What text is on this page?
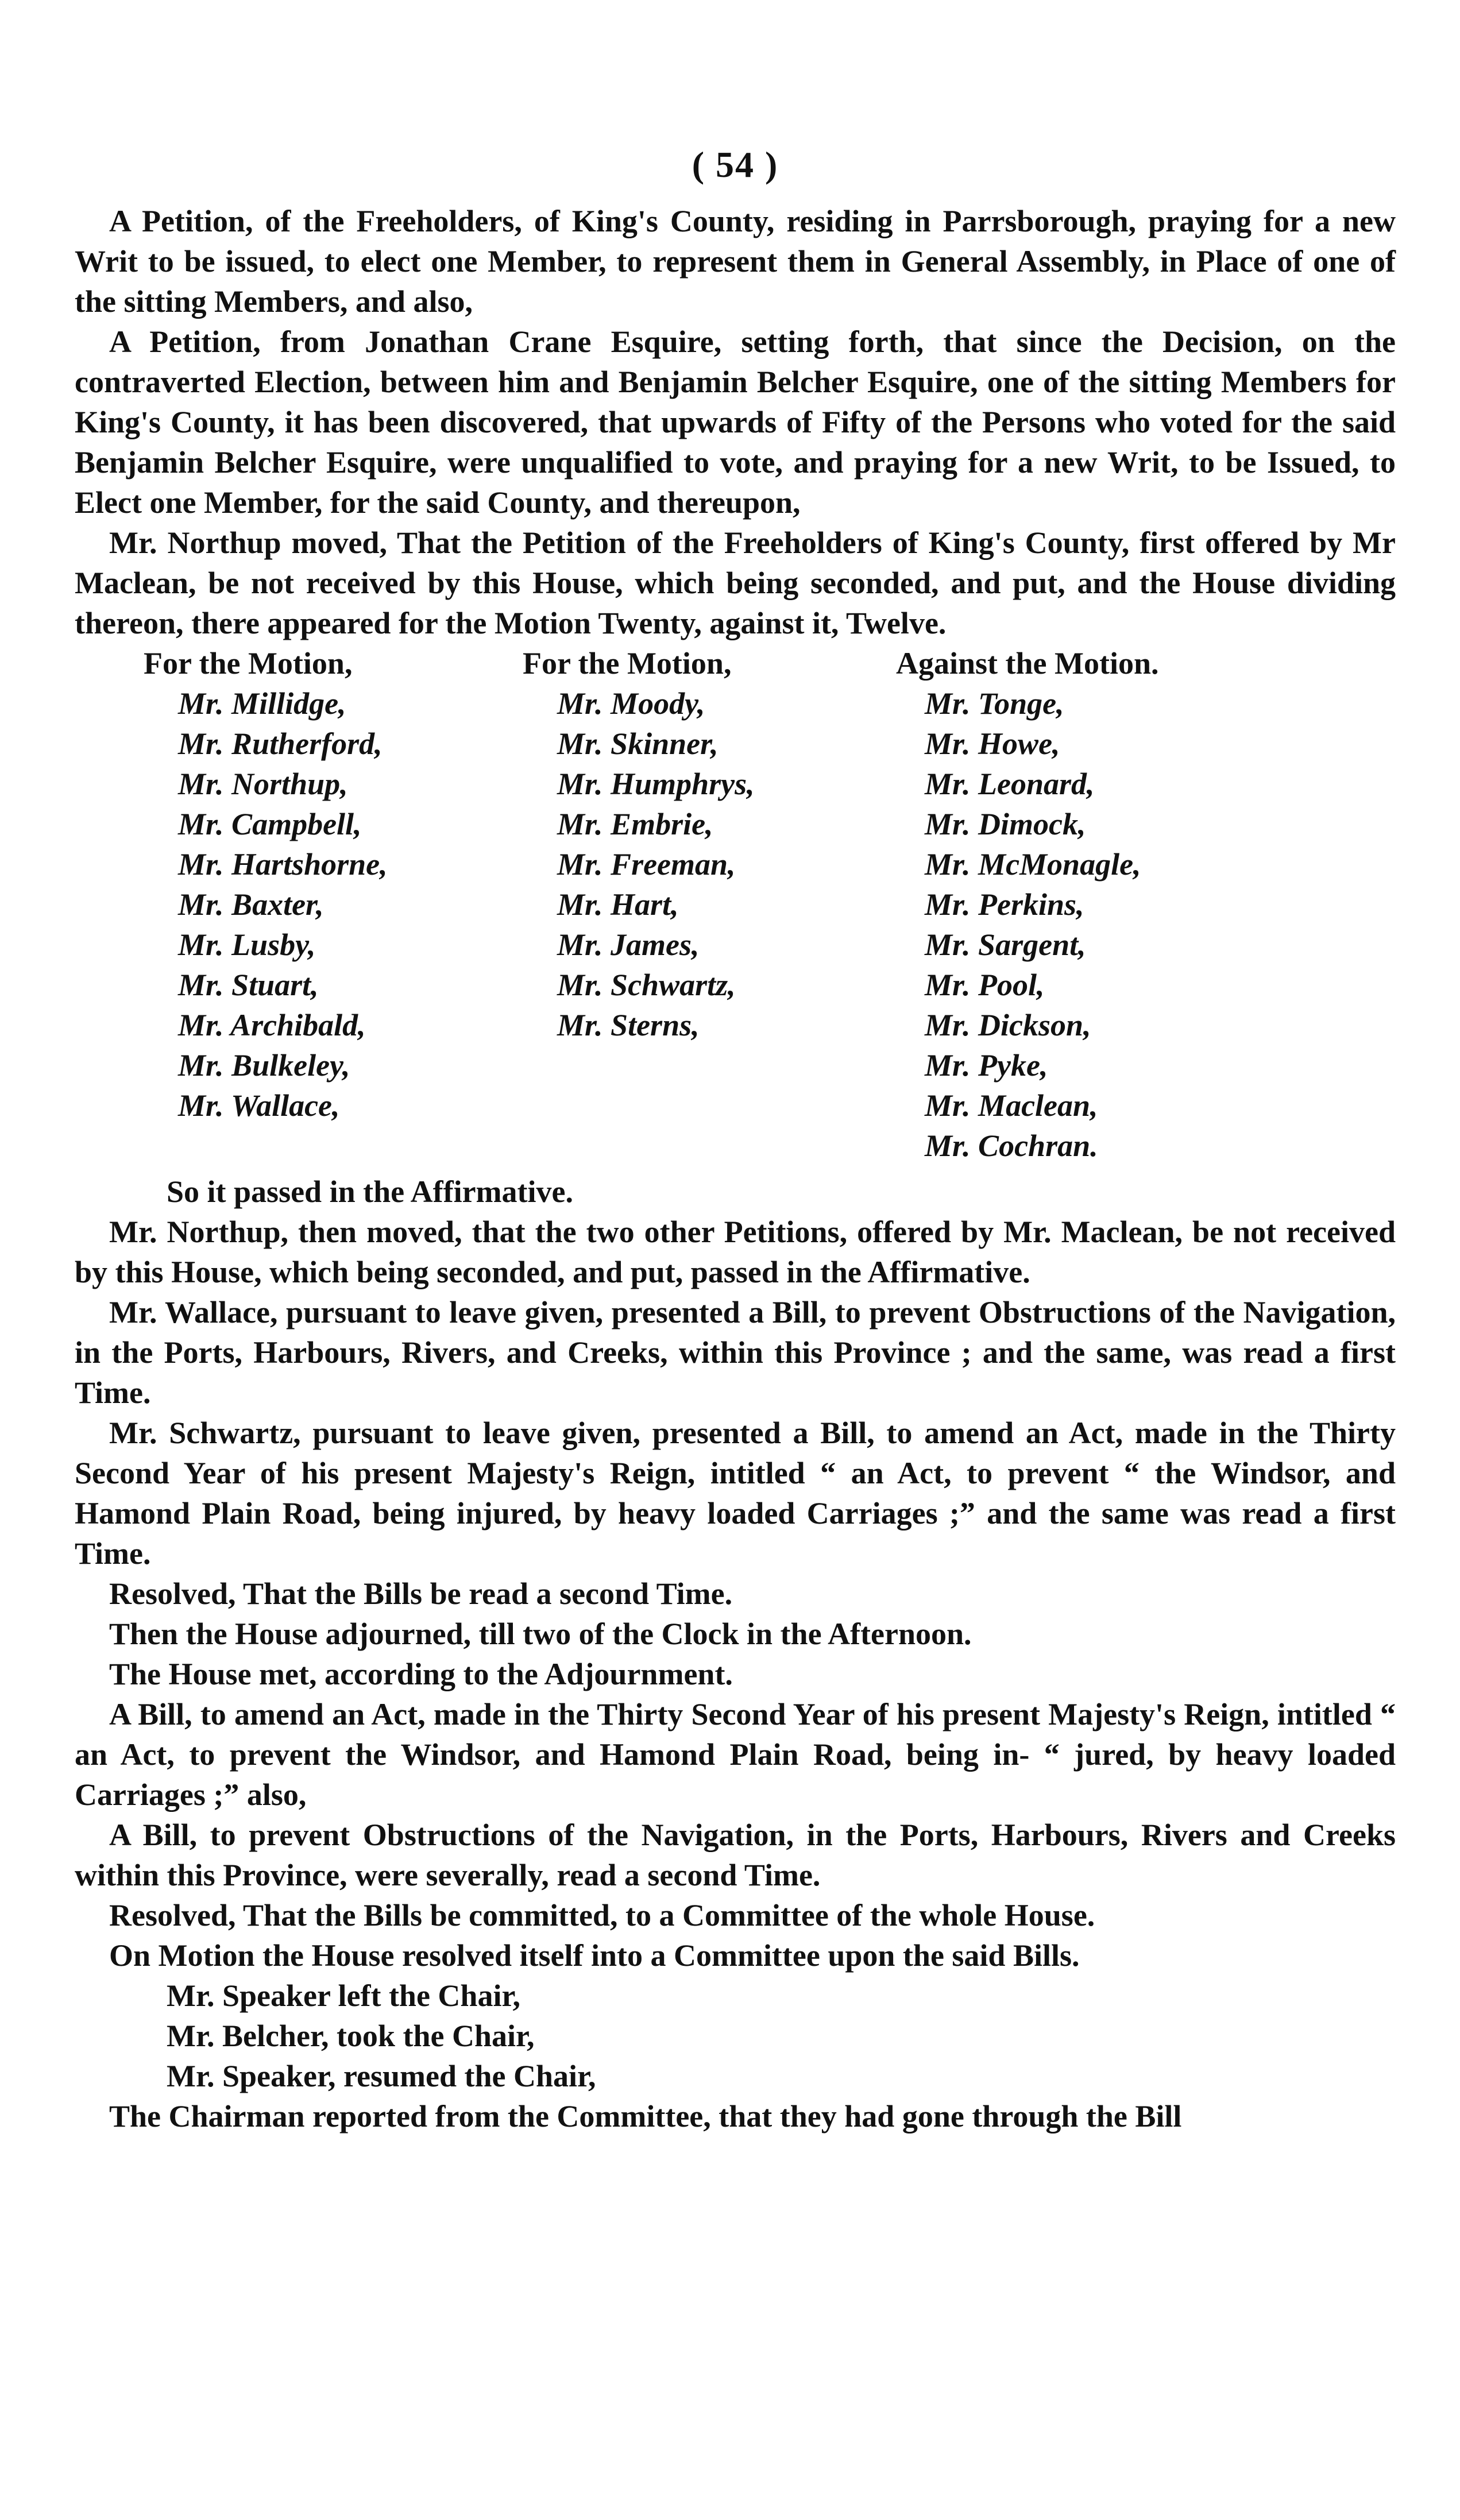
( 54 )

A Petition, of the Freeholders, of King's County, residing in Parrsborough, praying for a new Writ to be issued, to elect one Member, to represent them in General Assembly, in Place of one of the sitting Members, and also,

A Petition, from Jonathan Crane Esquire, setting forth, that since the Decision, on the contraverted Election, between him and Benjamin Belcher Esquire, one of the sitting Members for King's County, it has been discovered, that upwards of Fifty of the Persons who voted for the said Benjamin Belcher Esquire, were unqualified to vote, and praying for a new Writ, to be Issued, to Elect one Member, for the said County, and thereupon,

Mr. Northup moved, That the Petition of the Freeholders of King's County, first offered by Mr Maclean, be not received by this House, which being seconded, and put, and the House dividing thereon, there appeared for the Motion Twenty, against it, Twelve.

For the Motion,

Mr. Millidge,

Mr. Rutherford,

Mr. Northup,

Mr. Campbell,

Mr. Hartshorne,

Mr. Baxter,

Mr. Lusby,

Mr. Stuart,

Mr. Archibald,

Mr. Bulkeley,

Mr. Wallace,

For the Motion,

Mr. Moody,

Mr. Skinner,

Mr. Humphrys,

Mr. Embrie,

Mr. Freeman,

Mr. Hart,

Mr. James,

Mr. Schwartz,

Mr. Sterns,

Against the Motion.

Mr. Tonge,

Mr. Howe,

Mr. Leonard,

Mr. Dimock,

Mr. McMonagle,

Mr. Perkins,

Mr. Sargent,

Mr. Pool,

Mr. Dickson,

Mr. Pyke,

Mr. Maclean,

Mr. Cochran.

So it passed in the Affirmative.

Mr. Northup, then moved, that the two other Petitions, offered by Mr. Maclean, be not received by this House, which being seconded, and put, passed in the Affirmative.

Mr. Wallace, pursuant to leave given, presented a Bill, to prevent Obstructions of the Navigation, in the Ports, Harbours, Rivers, and Creeks, within this Province ; and the same, was read a first Time.

Mr. Schwartz, pursuant to leave given, presented a Bill, to amend an Act, made in the Thirty Second Year of his present Majesty's Reign, intitled “ an Act, to prevent “ the Windsor, and Hamond Plain Road, being injured, by heavy loaded Carriages ;” and the same was read a first Time.

Resolved, That the Bills be read a second Time.

Then the House adjourned, till two of the Clock in the Afternoon.

The House met, according to the Adjournment.

A Bill, to amend an Act, made in the Thirty Second Year of his present Majesty's Reign, intitled “ an Act, to prevent the Windsor, and Hamond Plain Road, being in- “ jured, by heavy loaded Carriages ;” also,

A Bill, to prevent Obstructions of the Navigation, in the Ports, Harbours, Rivers and Creeks within this Province, were severally, read a second Time.

Resolved, That the Bills be committed, to a Committee of the whole House.

On Motion the House resolved itself into a Committee upon the said Bills.

Mr. Speaker left the Chair,

Mr. Belcher, took the Chair,

Mr. Speaker, resumed the Chair,

The Chairman reported from the Committee, that they had gone through the Bill
